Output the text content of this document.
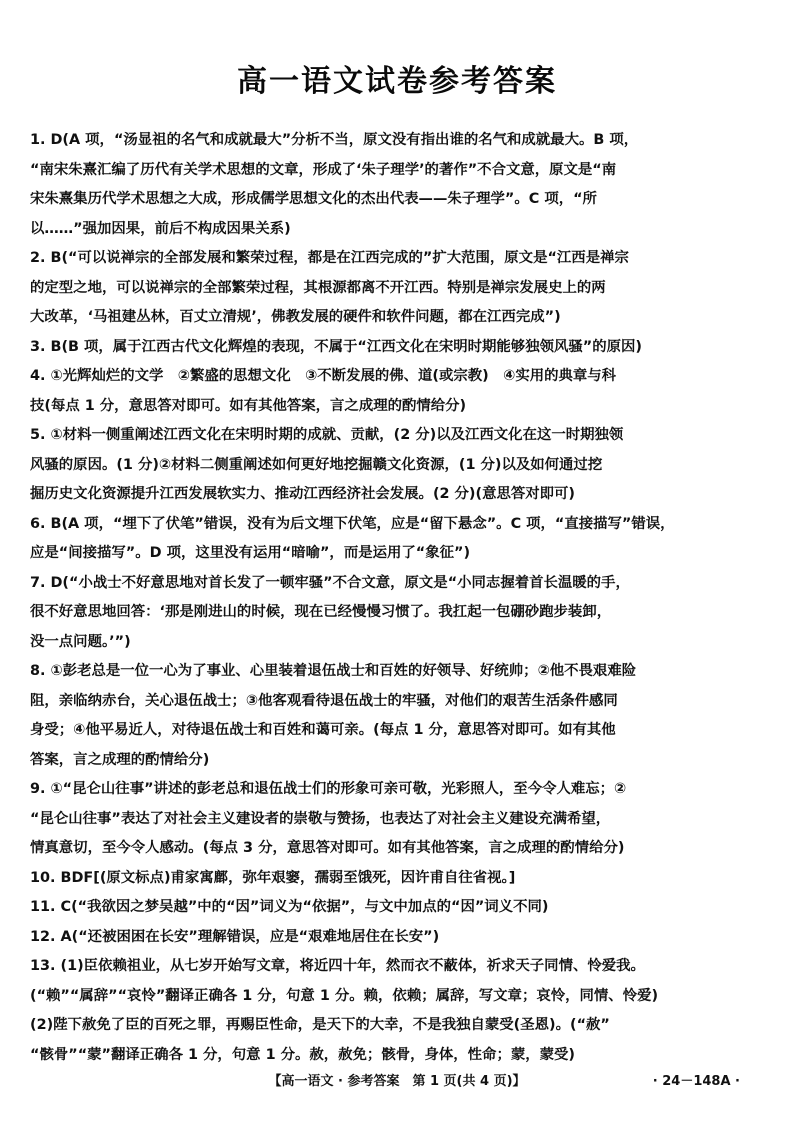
高一语文试卷参考答案

1. D(A 项，“汤显祖的名气和成就最大”分析不当，原文没有指出谁的名气和成就最大。B 项，
“南宋朱熹汇编了历代有关学术思想的文章，形成了‘朱子理学’的著作”不合文意，原文是“南
宋朱熹集历代学术思想之大成，形成儒学思想文化的杰出代表——朱子理学”。C 项，“所
以……”强加因果，前后不构成因果关系)

2. B(“可以说禅宗的全部发展和繁荣过程，都是在江西完成的”扩大范围，原文是“江西是禅宗
的定型之地，可以说禅宗的全部繁荣过程，其根源都离不开江西。特别是禅宗发展史上的两
大改革，‘马祖建丛林，百丈立清规’，佛教发展的硬件和软件问题，都在江西完成”)

3. B(B 项，属于江西古代文化辉煌的表现，不属于“江西文化在宋明时期能够独领风骚”的原因)

4. ①光辉灿烂的文学　②繁盛的思想文化　③不断发展的佛、道(或宗教)　④实用的典章与科
技(每点 1 分，意思答对即可。如有其他答案，言之成理的酌情给分)

5. ①材料一侧重阐述江西文化在宋明时期的成就、贡献，(2 分)以及江西文化在这一时期独领
风骚的原因。(1 分)②材料二侧重阐述如何更好地挖掘赣文化资源，(1 分)以及如何通过挖
掘历史文化资源提升江西发展软实力、推动江西经济社会发展。(2 分)(意思答对即可)

6. B(A 项，“埋下了伏笔”错误，没有为后文埋下伏笔，应是“留下悬念”。C 项，“直接描写”错误，
应是“间接描写”。D 项，这里没有运用“暗喻”，而是运用了“象征”)

7. D(“小战士不好意思地对首长发了一顿牢骚”不合文意，原文是“小同志握着首长温暖的手，
很不好意思地回答：‘那是刚进山的时候，现在已经慢慢习惯了。我扛起一包硼砂跑步装卸，
没一点问题。’”)

8. ①彭老总是一位一心为了事业、心里装着退伍战士和百姓的好领导、好统帅；②他不畏艰难险
阻，亲临纳赤台，关心退伍战士；③他客观看待退伍战士的牢骚，对他们的艰苦生活条件感同
身受；④他平易近人，对待退伍战士和百姓和蔼可亲。(每点 1 分，意思答对即可。如有其他
答案，言之成理的酌情给分)

9. ①“昆仑山往事”讲述的彭老总和退伍战士们的形象可亲可敬，光彩照人，至今令人难忘；②
“昆仑山往事”表达了对社会主义建设者的崇敬与赞扬，也表达了对社会主义建设充满希望，
情真意切，至今令人感动。(每点 3 分，意思答对即可。如有其他答案，言之成理的酌情给分)

10. BDF[(原文标点)甫家寓鄜，弥年艰窭，孺弱至饿死，因许甫自往省视。]

11. C(“我欲因之梦吴越”中的“因”词义为“依据”，与文中加点的“因”词义不同)

12. A(“还被困困在长安”理解错误，应是“艰难地居住在长安”)

13. (1)臣依赖祖业，从七岁开始写文章，将近四十年，然而衣不蔽体，祈求天子同情、怜爱我。
(“赖”“属辞”“哀怜”翻译正确各 1 分，句意 1 分。赖，依赖；属辞，写文章；哀怜，同情、怜爱)
(2)陛下赦免了臣的百死之罪，再赐臣性命，是天下的大幸，不是我独自蒙受(圣恩)。(“赦”
“骸骨”“蒙”翻译正确各 1 分，句意 1 分。赦，赦免；骸骨，身体，性命；蒙，蒙受)

【高一语文 · 参考答案　第 1 页(共 4 页)】	· 24－148A ·
